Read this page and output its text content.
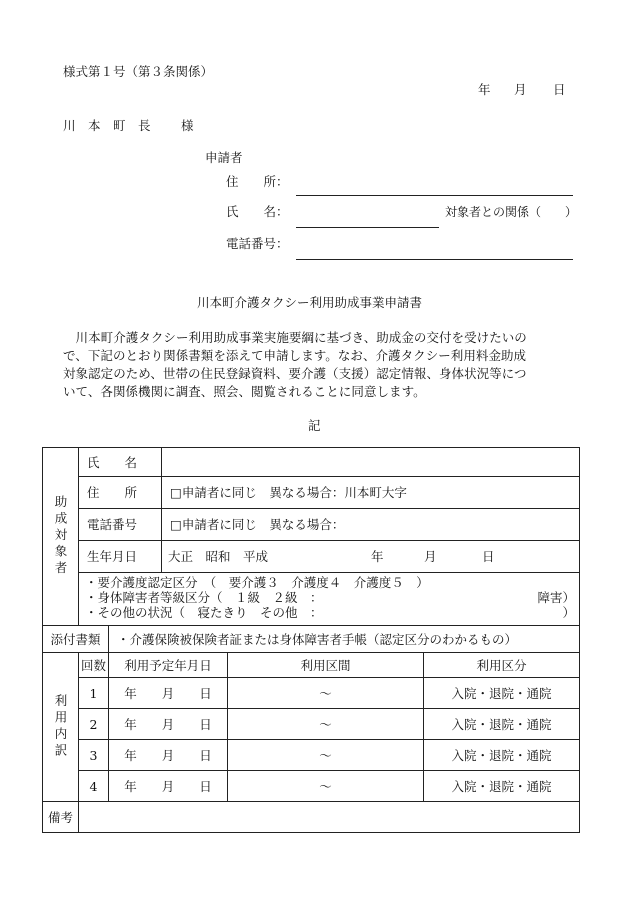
様式第１号（第３条関係）
年 月 日
川　本　町　長 様
申請者
住　　所：
氏　　名：	対象者との関係（　　）
電話番号：
川本町介護タクシー利用助成事業申請書
　川本町介護タクシー利用助成事業実施要綱に基づき、助成金の交付を受けたいの
で、下記のとおり関係書類を添えて申請します。なお、介護タクシー利用料金助成
対象認定のため、世帯の住民登録資料、要介護（支援）認定情報、身体状況等につ
いて、各関係機関に調査、照会、閲覧されることに同意します。
記
助成対象者	氏　　名				
	住　　所		□申請者に同じ　異なる場合：川本町大字		
	電話番号		□申請者に同じ　異なる場合：		
	生年月日		大正　昭和　平成 年 月 日		

	・要介護度認定区分　（　要介護３　介護度４　介護度５　）
・身体障害者等級区分（　１級　２級　： 障害）
・その他の状況（　寝たきり　その他　： ）				

添付書類		・介護保険被保険者証または身体障害者手帳（認定区分のわかるもの）			

利用内訳	回数	利用予定年月日		利用区間	利用区分
	1	年　　月　　日		～	入院・退院・通院
	2	年　　月　　日		～	入院・退院・通院
	3	年　　月　　日		～	入院・退院・通院
	4	年　　月　　日		～	入院・退院・通院
備考					
